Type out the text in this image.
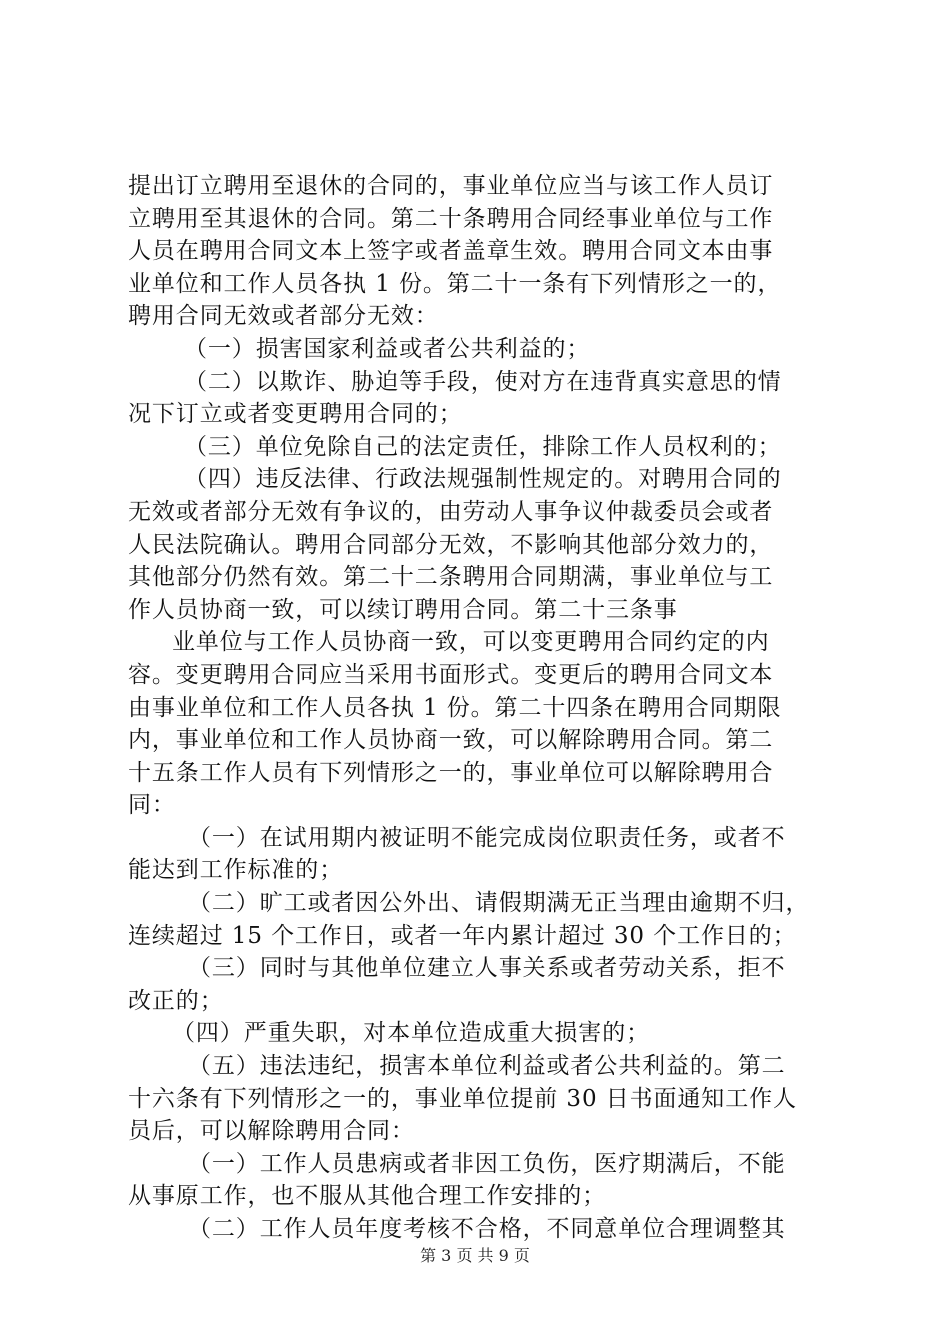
提出订立聘用至退休的合同的，事业单位应当与该工作人员订
立聘用至其退休的合同。第二十条聘用合同经事业单位与工作
人员在聘用合同文本上签字或者盖章生效。聘用合同文本由事
业单位和工作人员各执 1 份。第二十一条有下列情形之一的，
聘用合同无效或者部分无效：
（一）损害国家利益或者公共利益的；
（二）以欺诈、胁迫等手段，使对方在违背真实意思的情
况下订立或者变更聘用合同的；
（三）单位免除自己的法定责任，排除工作人员权利的；
（四）违反法律、行政法规强制性规定的。对聘用合同的
无效或者部分无效有争议的，由劳动人事争议仲裁委员会或者
人民法院确认。聘用合同部分无效，不影响其他部分效力的，
其他部分仍然有效。第二十二条聘用合同期满，事业单位与工
作人员协商一致，可以续订聘用合同。第二十三条事
业单位与工作人员协商一致，可以变更聘用合同约定的内
容。变更聘用合同应当采用书面形式。变更后的聘用合同文本
由事业单位和工作人员各执 1 份。第二十四条在聘用合同期限
内，事业单位和工作人员协商一致，可以解除聘用合同。第二
十五条工作人员有下列情形之一的，事业单位可以解除聘用合
同：
（一）在试用期内被证明不能完成岗位职责任务，或者不
能达到工作标准的；
（二）旷工或者因公外出、请假期满无正当理由逾期不归，
连续超过 15 个工作日，或者一年内累计超过 30 个工作日的；
（三）同时与其他单位建立人事关系或者劳动关系，拒不
改正的；
（四）严重失职，对本单位造成重大损害的；
（五）违法违纪，损害本单位利益或者公共利益的。第二
十六条有下列情形之一的，事业单位提前 30 日书面通知工作人
员后，可以解除聘用合同：
（一）工作人员患病或者非因工负伤，医疗期满后，不能
从事原工作，也不服从其他合理工作安排的；
（二）工作人员年度考核不合格，不同意单位合理调整其
第 3 页 共 9 页
